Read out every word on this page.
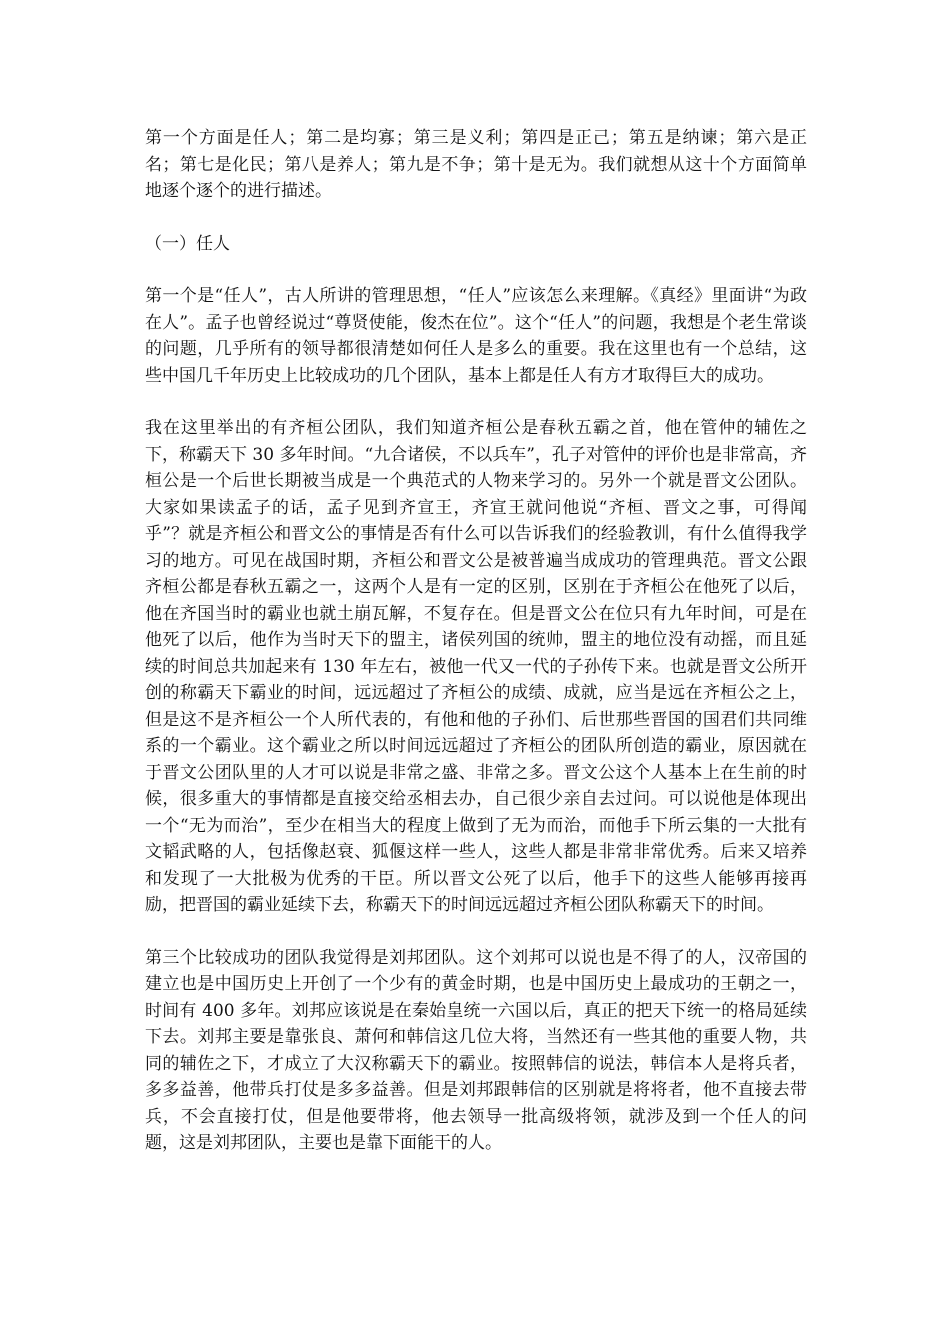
第一个方面是任人；第二是均寡；第三是义利；第四是正己；第五是纳谏；第六是正名；第七是化民；第八是养人；第九是不争；第十是无为。我们就想从这十个方面简单地逐个逐个的进行描述。

（一）任人

第一个是“任人”，古人所讲的管理思想，“任人”应该怎么来理解。《真经》里面讲“为政在人”。孟子也曾经说过“尊贤使能，俊杰在位”。这个“任人”的问题，我想是个老生常谈的问题，几乎所有的领导都很清楚如何任人是多么的重要。我在这里也有一个总结，这些中国几千年历史上比较成功的几个团队，基本上都是任人有方才取得巨大的成功。

我在这里举出的有齐桓公团队，我们知道齐桓公是春秋五霸之首，他在管仲的辅佐之下，称霸天下 30 多年时间。“九合诸侯，不以兵车”，孔子对管仲的评价也是非常高，齐桓公是一个后世长期被当成是一个典范式的人物来学习的。另外一个就是晋文公团队。大家如果读孟子的话，孟子见到齐宣王，齐宣王就问他说“齐桓、晋文之事，可得闻乎”？就是齐桓公和晋文公的事情是否有什么可以告诉我们的经验教训，有什么值得我学习的地方。可见在战国时期，齐桓公和晋文公是被普遍当成成功的管理典范。晋文公跟齐桓公都是春秋五霸之一，这两个人是有一定的区别，区别在于齐桓公在他死了以后，他在齐国当时的霸业也就土崩瓦解，不复存在。但是晋文公在位只有九年时间，可是在他死了以后，他作为当时天下的盟主，诸侯列国的统帅，盟主的地位没有动摇，而且延续的时间总共加起来有 130 年左右，被他一代又一代的子孙传下来。也就是晋文公所开创的称霸天下霸业的时间，远远超过了齐桓公的成绩、成就，应当是远在齐桓公之上，但是这不是齐桓公一个人所代表的，有他和他的子孙们、后世那些晋国的国君们共同维系的一个霸业。这个霸业之所以时间远远超过了齐桓公的团队所创造的霸业，原因就在于晋文公团队里的人才可以说是非常之盛、非常之多。晋文公这个人基本上在生前的时候，很多重大的事情都是直接交给丞相去办，自己很少亲自去过问。可以说他是体现出一个“无为而治”，至少在相当大的程度上做到了无为而治，而他手下所云集的一大批有文韬武略的人，包括像赵衰、狐偃这样一些人，这些人都是非常非常优秀。后来又培养和发现了一大批极为优秀的干臣。所以晋文公死了以后，他手下的这些人能够再接再励，把晋国的霸业延续下去，称霸天下的时间远远超过齐桓公团队称霸天下的时间。

第三个比较成功的团队我觉得是刘邦团队。这个刘邦可以说也是不得了的人，汉帝国的建立也是中国历史上开创了一个少有的黄金时期，也是中国历史上最成功的王朝之一，时间有 400 多年。刘邦应该说是在秦始皇统一六国以后，真正的把天下统一的格局延续下去。刘邦主要是靠张良、萧何和韩信这几位大将，当然还有一些其他的重要人物，共同的辅佐之下，才成立了大汉称霸天下的霸业。按照韩信的说法，韩信本人是将兵者，多多益善，他带兵打仗是多多益善。但是刘邦跟韩信的区别就是将将者，他不直接去带兵，不会直接打仗，但是他要带将，他去领导一批高级将领，就涉及到一个任人的问题，这是刘邦团队，主要也是靠下面能干的人。
